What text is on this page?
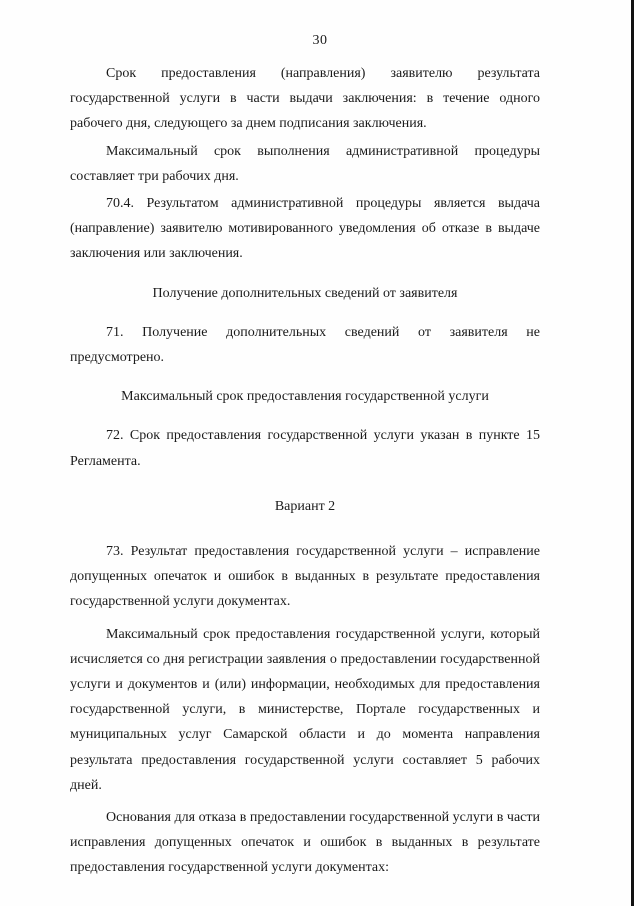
30

Срок предоставления (направления) заявителю результата государственной услуги в части выдачи заключения: в течение одного рабочего дня, следующего за днем подписания заключения.

Максимальный срок выполнения административной процедуры составляет три рабочих дня.

70.4. Результатом административной процедуры является выдача (направление) заявителю мотивированного уведомления об отказе в выдаче заключения или заключения.

Получение дополнительных сведений от заявителя

71. Получение дополнительных сведений от заявителя не предусмотрено.

Максимальный срок предоставления государственной услуги

72. Срок предоставления государственной услуги указан в пункте 15 Регламента.

Вариант 2

73. Результат предоставления государственной услуги – исправление допущенных опечаток и ошибок в выданных в результате предоставления государственной услуги документах.

Максимальный срок предоставления государственной услуги, который исчисляется со дня регистрации заявления о предоставлении государственной услуги и документов и (или) информации, необходимых для предоставления государственной услуги, в министерстве, Портале государственных и муниципальных услуг Самарской области и до момента направления результата предоставления государственной услуги составляет 5 рабочих дней.

Основания для отказа в предоставлении государственной услуги в части исправления допущенных опечаток и ошибок в выданных в результате предоставления государственной услуги документах:
